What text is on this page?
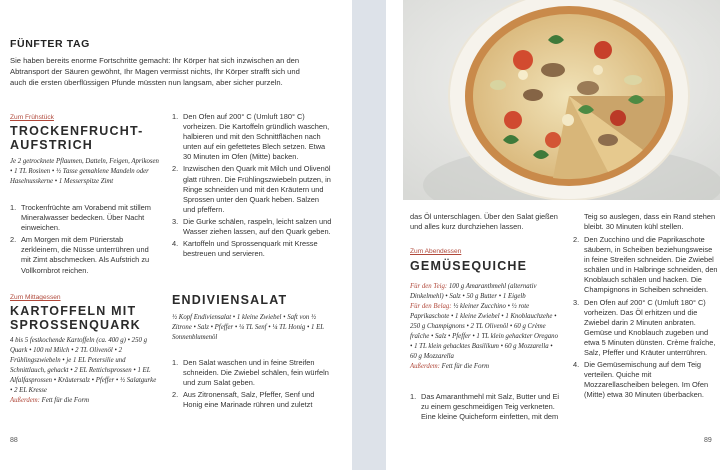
FÜNFTER TAG
Sie haben bereits enorme Fortschritte gemacht: Ihr Körper hat sich inzwischen an den Abtransport der Säuren gewöhnt, Ihr Magen vermisst nichts, Ihr Körper strafft sich und auch die ersten überflüssigen Pfunde müssten nun langsam, aber sicher purzeln.
Zum Frühstück
TROCKENFRUCHT-
AUFSTRICH
Je 2 getrocknete Pflaumen, Datteln, Feigen, Aprikosen • 1 TL Rosinen • ½ Tasse gemahlene Mandeln oder Haselnusskerne • 1 Messerspitze Zimt
1. Trockenfrüchte am Vorabend mit stillem Mineralwasser bedecken. Über Nacht einweichen.
2. Am Morgen mit dem Pürierstab zerkleinern, die Nüsse unterrühren und mit Zimt abschmecken. Als Aufstrich zu Vollkornbrot reichen.
Zum Mittagessen
KARTOFFELN MIT
SPROSSENQUARK
4 bis 5 festkochende Kartoffeln (ca. 400 g) • 250 g Quark • 100 ml Milch • 2 TL Olivenöl • 2 Frühlingszwiebeln • je 1 EL Petersilie und Schnittlauch, gehackt • 2 EL Rettichsprossen • 1 EL Alfalfasprossen • Kräutersalz • Pfeffer • ½ Salatgurke • 2 EL Kresse
Außerdem: Fett für die Form
1. Den Ofen auf 200° C (Umluft 180° C) vorheizen. Die Kartoffeln gründlich waschen, halbieren und mit den Schnittflächen nach unten auf ein gefettetes Blech setzen. Etwa 30 Minuten im Ofen (Mitte) backen.
2. Inzwischen den Quark mit Milch und Olivenöl glatt rühren. Die Frühlingszwiebeln putzen, in Ringe schneiden und mit den Kräutern und Sprossen unter den Quark heben. Salzen und pfeffern.
3. Die Gurke schälen, raspeln, leicht salzen und Wasser ziehen lassen, auf den Quark geben.
4. Kartoffeln und Sprossenquark mit Kresse bestreuen und servieren.
ENDIVIENSALAT
½ Kopf Endiviensalat • 1 kleine Zwiebel • Saft von ½ Zitrone • Salz • Pfeffer • ¼ TL Senf • ¼ TL Honig • 1 EL Sonnenblumenöl
1. Den Salat waschen und in feine Streifen schneiden. Die Zwiebel schälen, fein würfeln und zum Salat geben.
2. Aus Zitronensaft, Salz, Pfeffer, Senf und Honig eine Marinade rühren und zuletzt
88
das Öl unterschlagen. Über den Salat gießen und alles kurz durchziehen lassen.
Zum Abendessen
GEMÜSEQUICHE
Für den Teig: 100 g Amaranthmehl (alternativ Dinkelmehl) • Salz • 50 g Butter • 1 Eigelb
Für den Belag: ½ kleiner Zucchino • ½ rote Paprikaschote • 1 kleine Zwiebel • 1 Knoblauchzehe • 250 g Champignons • 2 TL Olivenöl • 60 g Crème fraîche • Salz • Pfeffer • 1 TL klein gehackter Oregano • 1 TL klein gehacktes Basilikum • 60 g Mozzarella • 60 g Mozzarella
Außerdem: Fett für die Form
1. Das Amaranthmehl mit Salz, Butter und Ei zu einem geschmeidigen Teig verkneten. Eine kleine Quicheform einfetten, mit dem
Teig so auslegen, dass ein Rand stehen bleibt. 30 Minuten kühl stellen.
2. Den Zucchino und die Paprikaschote säubern, in Scheiben beziehungsweise in feine Streifen schneiden. Die Zwiebel schälen und in Halbringe schneiden, den Knoblauch schälen und hacken. Die Champignons in Scheiben schneiden.
3. Den Ofen auf 200° C (Umluft 180° C) vorheizen. Das Öl erhitzen und die Zwiebel darin 2 Minuten anbraten. Gemüse und Knoblauch zugeben und etwa 5 Minuten dünsten. Crème fraîche, Salz, Pfeffer und Kräuter unterrühren.
4. Die Gemüsemischung auf dem Teig verteilen. Quiche mit Mozzarellascheiben belegen. Im Ofen (Mitte) etwa 30 Minuten überbacken.
89
